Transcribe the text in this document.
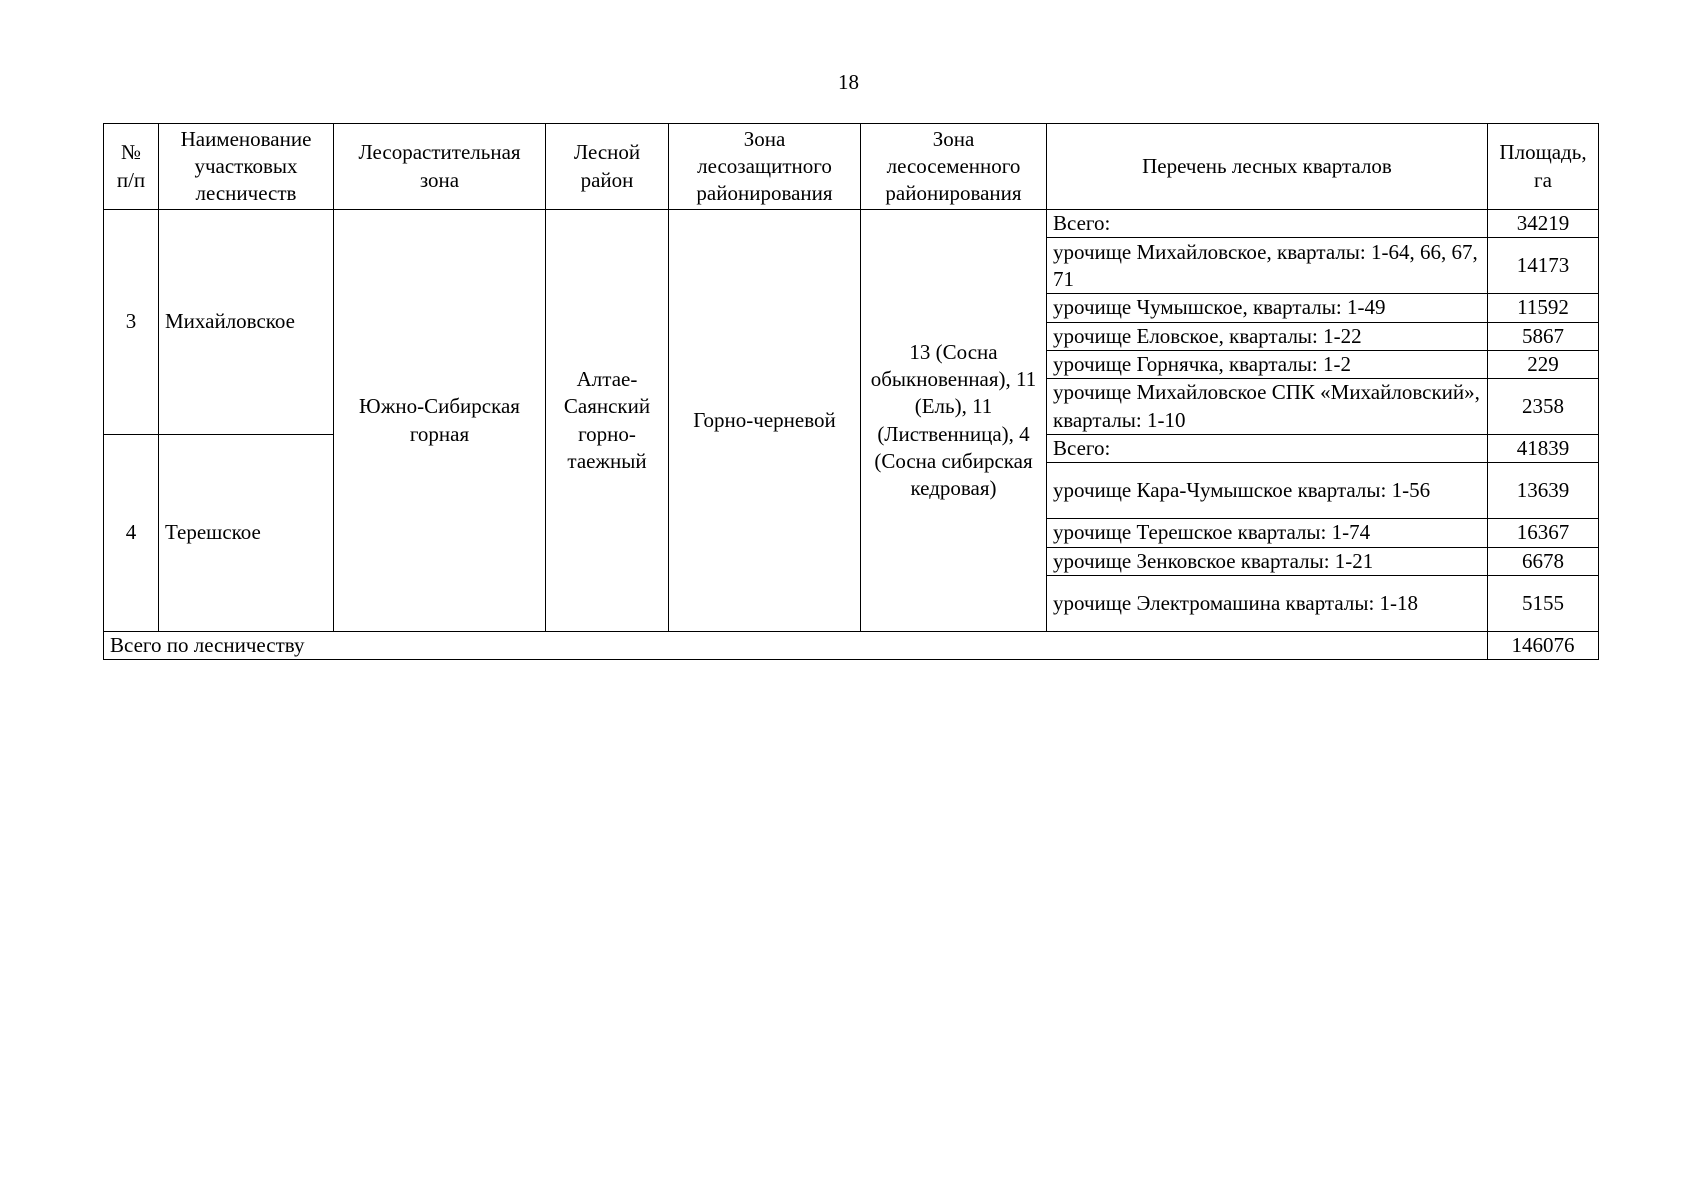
18
№ п/п	Наименование участковых лесничеств	Лесорастительная зона	Лесной район	Зона лесозащитного районирования	Зона лесосеменного районирования	Перечень лесных кварталов	Площадь, га
3	Михайловское	Южно-Сибирская горная	Алтае-Саянский горно-таежный	Горно-черневой	13 (Сосна обыкновенная), 11 (Ель), 11 (Лиственница), 4 (Сосна сибирская кедровая)	Всего:	34219
						урочище Михайловское, кварталы: 1-64, 66, 67, 71	14173
						урочище Чумышское, кварталы: 1-49	11592
						урочище Еловское, кварталы: 1-22	5867
						урочище Горнячка, кварталы: 1-2	229
						урочище Михайловское СПК «Михайловский», кварталы: 1-10	2358
4	Терешское					Всего:	41839
						урочище Кара-Чумышское кварталы: 1-56	13639
						урочище Терешское кварталы: 1-74	16367
						урочище Зенковское кварталы: 1-21	6678
						урочище Электромашина кварталы: 1-18	5155
Всего по лесничеству							146076
